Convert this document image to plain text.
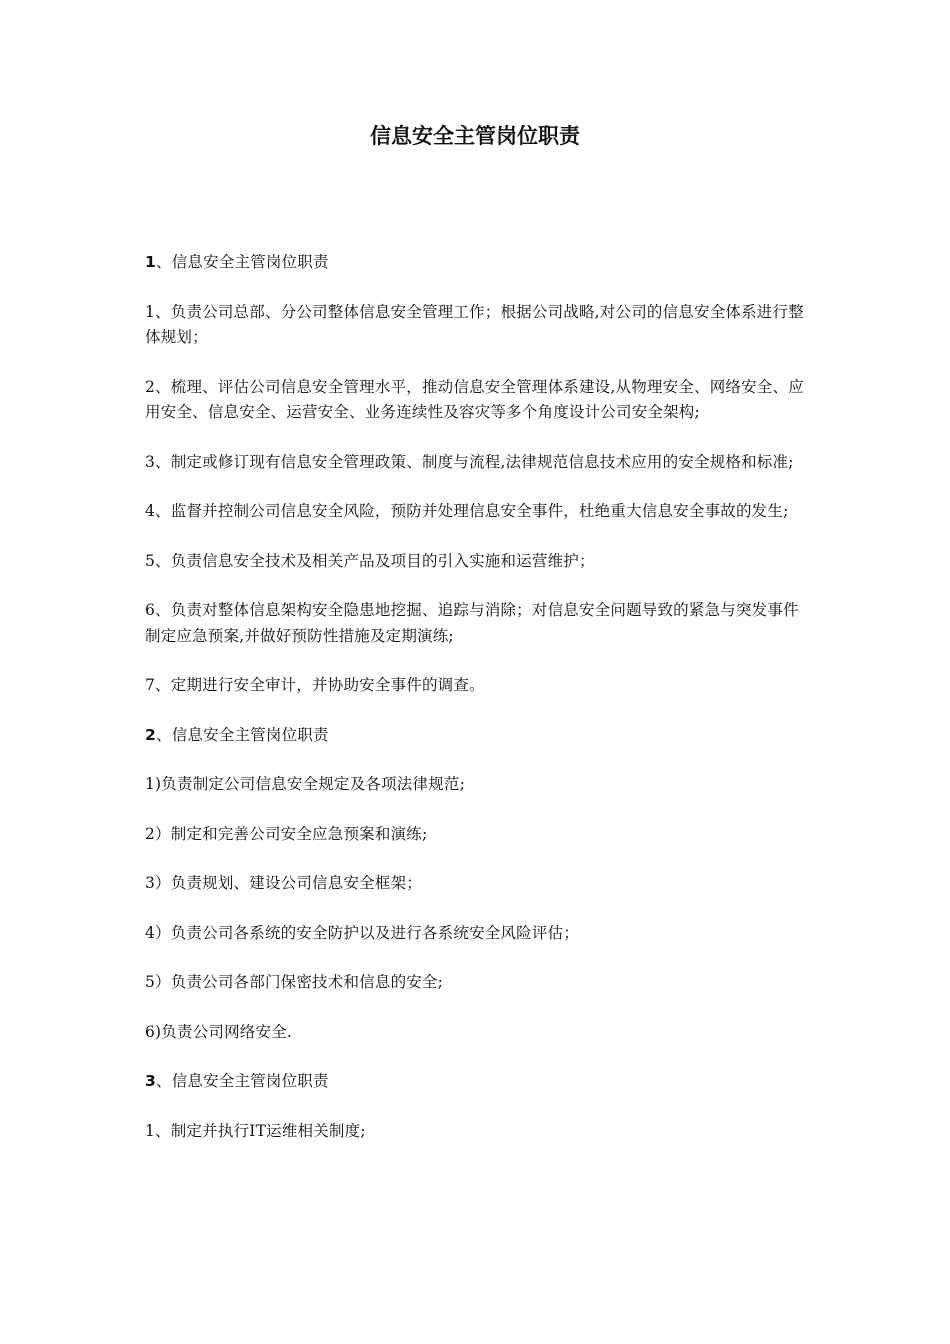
信息安全主管岗位职责

1、信息安全主管岗位职责

1、负责公司总部、分公司整体信息安全管理工作；根据公司战略,对公司的信息安全体系进行整体规划；

2、梳理、评估公司信息安全管理水平，推动信息安全管理体系建设,从物理安全、网络安全、应用安全、信息安全、运营安全、业务连续性及容灾等多个角度设计公司安全架构;

3、制定或修订现有信息安全管理政策、制度与流程,法律规范信息技术应用的安全规格和标准;

4、监督并控制公司信息安全风险，预防并处理信息安全事件，杜绝重大信息安全事故的发生;

5、负责信息安全技术及相关产品及项目的引入实施和运营维护；

6、负责对整体信息架构安全隐患地挖掘、追踪与消除；对信息安全问题导致的紧急与突发事件制定应急预案,并做好预防性措施及定期演练;

7、定期进行安全审计，并协助安全事件的调查。

2、信息安全主管岗位职责

1)负责制定公司信息安全规定及各项法律规范;

2）制定和完善公司安全应急预案和演练;

3）负责规划、建设公司信息安全框架；

4）负责公司各系统的安全防护以及进行各系统安全风险评估；

5）负责公司各部门保密技术和信息的安全;

6)负责公司网络安全.

3、信息安全主管岗位职责

1、制定并执行IT运维相关制度;
